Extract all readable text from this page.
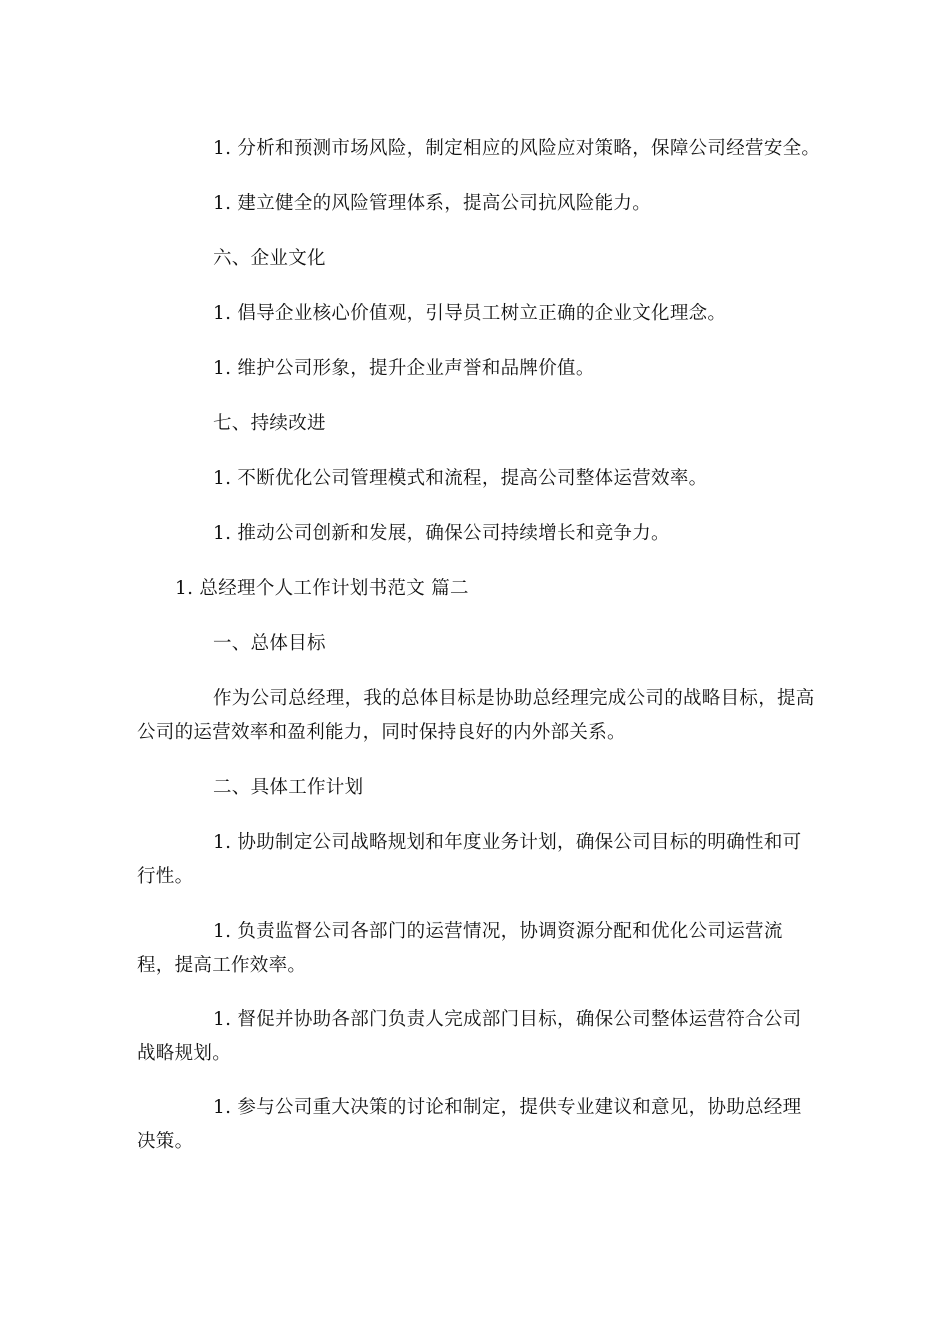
1. 分析和预测市场风险，制定相应的风险应对策略，保障公司经营安全。

1. 建立健全的风险管理体系，提高公司抗风险能力。

六、企业文化

1. 倡导企业核心价值观，引导员工树立正确的企业文化理念。

1. 维护公司形象，提升企业声誉和品牌价值。

七、持续改进

1. 不断优化公司管理模式和流程，提高公司整体运营效率。

1. 推动公司创新和发展，确保公司持续增长和竞争力。

1. 总经理个人工作计划书范文 篇二

一、总体目标

作为公司总经理，我的总体目标是协助总经理完成公司的战略目标，提高公司的运营效率和盈利能力，同时保持良好的内外部关系。

二、具体工作计划

1. 协助制定公司战略规划和年度业务计划，确保公司目标的明确性和可行性。

1. 负责监督公司各部门的运营情况，协调资源分配和优化公司运营流程，提高工作效率。

1. 督促并协助各部门负责人完成部门目标，确保公司整体运营符合公司战略规划。

1. 参与公司重大决策的讨论和制定，提供专业建议和意见，协助总经理决策。
